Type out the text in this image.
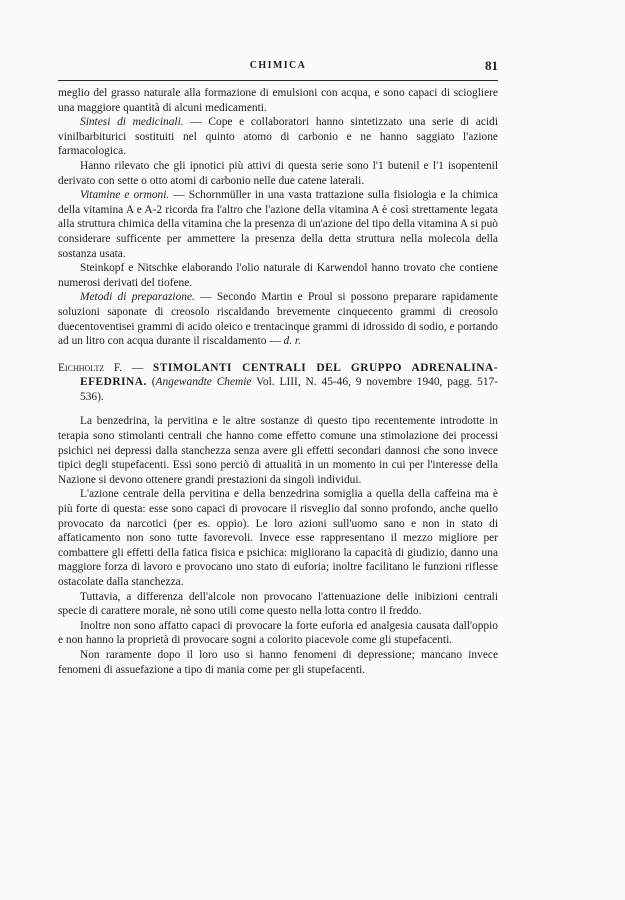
CHIMICA	81

meglio del grasso naturale alla formazione di emulsioni con acqua, e sono capaci di sciogliere una maggiore quantità di alcuni medicamenti.

Sintesi di medicinali. — Cope e collaboratori hanno sintetizzato una serie di acidi vinilbarbiturici sostituiti nel quinto atomo di carbonio e ne hanno saggiato l'azione farmacologica.

Hanno rilevato che gli ipnotici più attivi di questa serie sono l'1 butenil e l'1 isopentenil derivato con sette o otto atomi di carbonio nelle due catene laterali.

Vitamine e ormoni. — Schornmüller in una vasta trattazione sulla fisiologia e la chimica della vitamina A e A-2 ricorda fra l'altro che l'azione della vitamina A è così strettamente legata alla struttura chimica della vitamina che la presenza di un'azione del tipo della vitamina A si può considerare sufficente per ammettere la presenza della detta struttura nella molecola della sostanza usata.

Steinkopf e Nitschke elaborando l'olio naturale di Karwendol hanno trovato che contiene numerosi derivati del tiofene.

Metodi di preparazione. — Secondo Martin e Proul si possono preparare rapidamente soluzioni saponate di creosolo riscaldando brevemente cinquecento grammi di creosolo duecentoventisei grammi di acido oleico e trentacinque grammi di idrossido di sodio, e portando ad un litro con acqua durante il riscaldamento — d. r.

Eichholtz F. — STIMOLANTI CENTRALI DEL GRUPPO ADRENALINA-EFEDRINA. (Angewandte Chemie Vol. LIII, N. 45-46, 9 novembre 1940, pagg. 517-536).

La benzedrina, la pervitina e le altre sostanze di questo tipo recentemente introdotte in terapia sono stimolanti centrali che hanno come effetto comune una stimolazione dei processi psichici nei depressi dalla stanchezza senza avere gli effetti secondari dannosi che sono invece tipici degli stupefacenti. Essi sono perciò di attualità in un momento in cui per l'interesse della Nazione si devono ottenere grandi prestazioni da singoli individui.

L'azione centrale della pervitina e della benzedrina somiglia a quella della caffeina ma è più forte di questa: esse sono capaci di provocare il risveglio dal sonno profondo, anche quello provocato da narcotici (per es. oppio). Le loro azioni sull'uomo sano e non in stato di affaticamento non sono tutte favorevoli. Invece esse rappresentano il mezzo migliore per combattere gli effetti della fatica fisica e psichica: migliorano la capacità di giudizio, danno una maggiore forza di lavoro e provocano uno stato di euforia; inoltre facilitano le funzioni riflesse ostacolate dalla stanchezza.

Tuttavia, a differenza dell'alcole non provocano l'attenuazione delle inibizioni centrali specie di carattere morale, nè sono utili come questo nella lotta contro il freddo.

Inoltre non sono affatto capaci di provocare la forte euforia ed analgesia causata dall'oppio e non hanno la proprietà di provocare sogni a colorito piacevole come gli stupefacenti.

Non raramente dopo il loro uso si hanno fenomeni di depressione; mancano invece fenomeni di assuefazione a tipo di mania come per gli stupefacenti.
